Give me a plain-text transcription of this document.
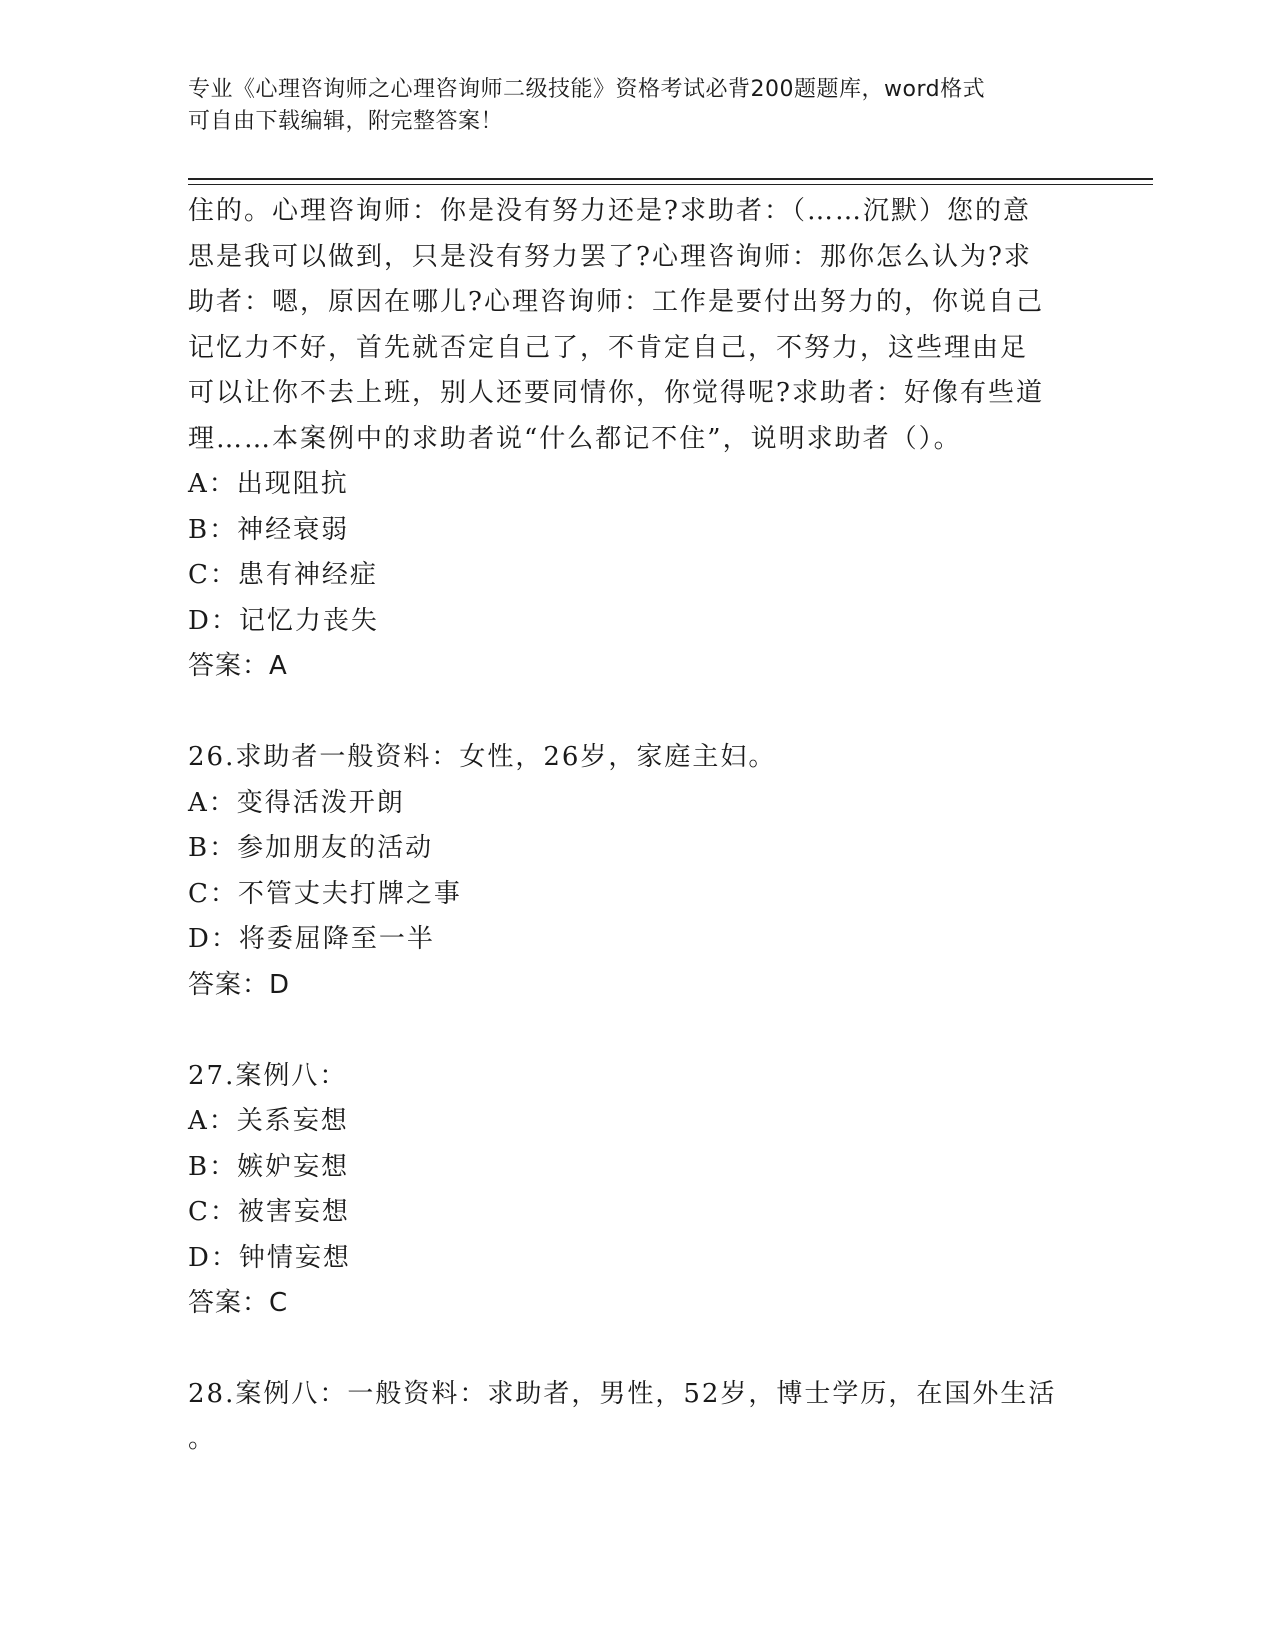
专业《心理咨询师之心理咨询师二级技能》资格考试必背200题题库，word格式
可自由下载编辑，附完整答案！

住的。心理咨询师：你是没有努力还是?求助者：（……沉默）您的意

思是我可以做到，只是没有努力罢了?心理咨询师：那你怎么认为?求

助者：嗯，原因在哪儿?心理咨询师：工作是要付出努力的，你说自己

记忆力不好，首先就否定自己了，不肯定自己，不努力，这些理由足

可以让你不去上班，别人还要同情你，你觉得呢?求助者：好像有些道

理……本案例中的求助者说“什么都记不住”，说明求助者（）。

A：出现阻抗

B：神经衰弱

C：患有神经症

D：记忆力丧失

答案：A

26.求助者一般资料：女性，26岁，家庭主妇。

A：变得活泼开朗

B：参加朋友的活动

C：不管丈夫打牌之事

D：将委屈降至一半

答案：D

27.案例八：

A：关系妄想

B：嫉妒妄想

C：被害妄想

D：钟情妄想

答案：C

28.案例八：一般资料：求助者，男性，52岁，博士学历，在国外生活

。
